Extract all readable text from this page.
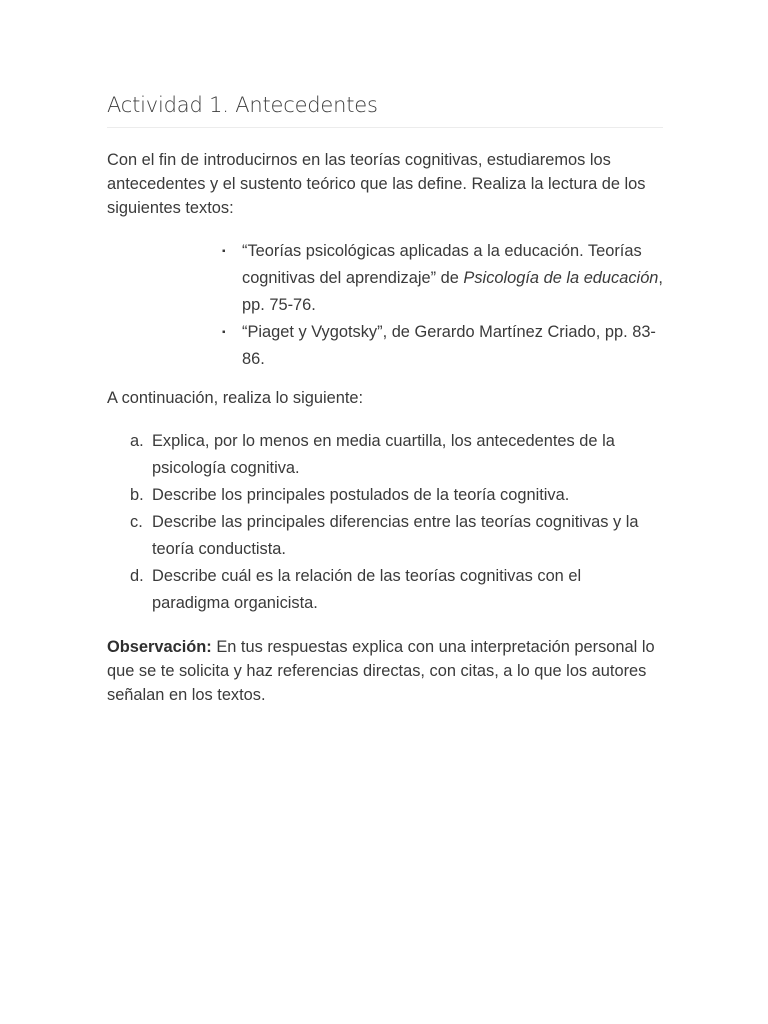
Actividad 1. Antecedentes

Con el fin de introducirnos en las teorías cognitivas, estudiaremos los antecedentes y el sustento teórico que las define. Realiza la lectura de los siguientes textos:

▪ “Teorías psicológicas aplicadas a la educación. Teorías cognitivas del aprendizaje” de Psicología de la educación, pp. 75-76.
▪ “Piaget y Vygotsky”, de Gerardo Martínez Criado, pp. 83-86.

A continuación, realiza lo siguiente:

a. Explica, por lo menos en media cuartilla, los antecedentes de la psicología cognitiva.
b. Describe los principales postulados de la teoría cognitiva.
c. Describe las principales diferencias entre las teorías cognitivas y la teoría conductista.
d. Describe cuál es la relación de las teorías cognitivas con el paradigma organicista.

Observación: En tus respuestas explica con una interpretación personal lo que se te solicita y haz referencias directas, con citas, a lo que los autores señalan en los textos.
